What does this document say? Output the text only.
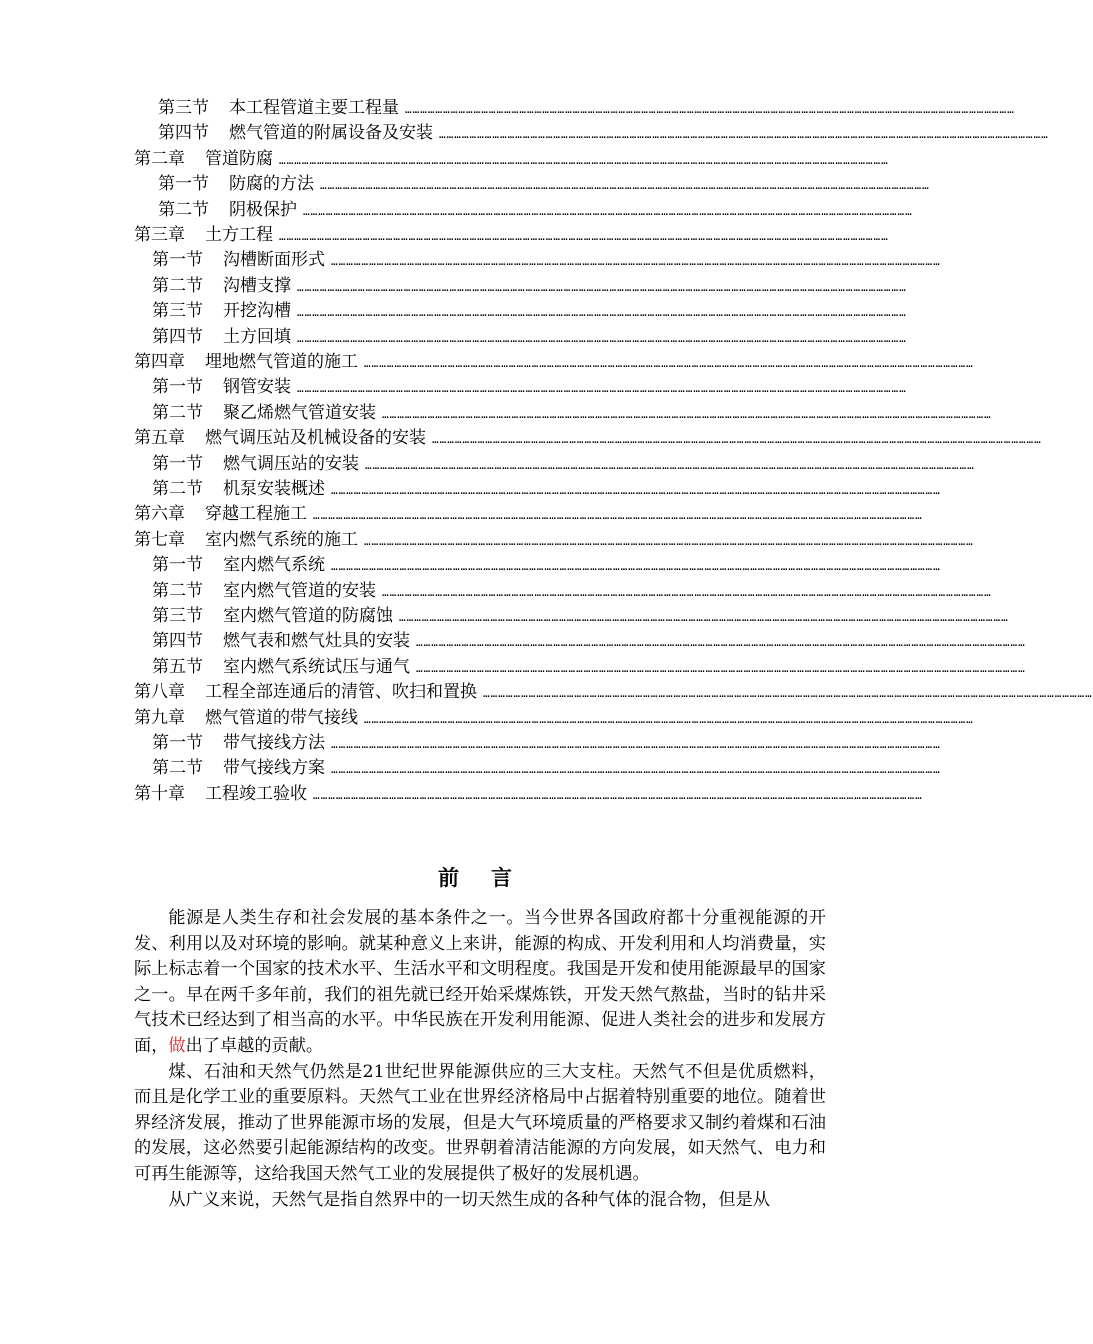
第三节 本工程管道主要工程量 ……………………………………………………………………………………………………………………………………………………………………………………………………………………
第四节 燃气管道的附属设备及安装 ……………………………………………………………………………………………………………………………………………………………………………………………………………………
第二章 管道防腐 ……………………………………………………………………………………………………………………………………………………………………………………………………………………
第一节 防腐的方法 ……………………………………………………………………………………………………………………………………………………………………………………………………………………
第二节 阴极保护 ……………………………………………………………………………………………………………………………………………………………………………………………………………………
第三章 土方工程 ……………………………………………………………………………………………………………………………………………………………………………………………………………………
第一节 沟槽断面形式 ……………………………………………………………………………………………………………………………………………………………………………………………………………………
第二节 沟槽支撑 ……………………………………………………………………………………………………………………………………………………………………………………………………………………
第三节 开挖沟槽 ……………………………………………………………………………………………………………………………………………………………………………………………………………………
第四节 土方回填 ……………………………………………………………………………………………………………………………………………………………………………………………………………………
第四章 埋地燃气管道的施工 ……………………………………………………………………………………………………………………………………………………………………………………………………………………
第一节 钢管安装 ……………………………………………………………………………………………………………………………………………………………………………………………………………………
第二节 聚乙烯燃气管道安装 ……………………………………………………………………………………………………………………………………………………………………………………………………………………
第五章 燃气调压站及机械设备的安装 ……………………………………………………………………………………………………………………………………………………………………………………………………………………
第一节 燃气调压站的安装 ……………………………………………………………………………………………………………………………………………………………………………………………………………………
第二节 机泵安装概述 ……………………………………………………………………………………………………………………………………………………………………………………………………………………
第六章 穿越工程施工 ……………………………………………………………………………………………………………………………………………………………………………………………………………………
第七章 室内燃气系统的施工 ……………………………………………………………………………………………………………………………………………………………………………………………………………………
第一节 室内燃气系统 ……………………………………………………………………………………………………………………………………………………………………………………………………………………
第二节 室内燃气管道的安装 ……………………………………………………………………………………………………………………………………………………………………………………………………………………
第三节 室内燃气管道的防腐蚀 ……………………………………………………………………………………………………………………………………………………………………………………………………………………
第四节 燃气表和燃气灶具的安装 ……………………………………………………………………………………………………………………………………………………………………………………………………………………
第五节 室内燃气系统试压与通气 ……………………………………………………………………………………………………………………………………………………………………………………………………………………
第八章 工程全部连通后的清管、吹扫和置换 ……………………………………………………………………………………………………………………………………………………………………………………………………………………
第九章 燃气管道的带气接线 ……………………………………………………………………………………………………………………………………………………………………………………………………………………
第一节 带气接线方法 ……………………………………………………………………………………………………………………………………………………………………………………………………………………
第二节 带气接线方案 ……………………………………………………………………………………………………………………………………………………………………………………………………………………
第十章 工程竣工验收 ……………………………………………………………………………………………………………………………………………………………………………………………………………………
前言

能源是人类生存和社会发展的基本条件之一。当今世界各国政府都十分重视能源的开发、利用以及对环境的影响。就某种意义上来讲，能源的构成、开发利用和人均消费量，实际上标志着一个国家的技术水平、生活水平和文明程度。我国是开发和使用能源最早的国家之一。早在两千多年前，我们的祖先就已经开始采煤炼铁，开发天然气熬盐，当时的钻井采气技术已经达到了相当高的水平。中华民族在开发利用能源、促进人类社会的进步和发展方面，做出了卓越的贡献。

煤、石油和天然气仍然是21世纪世界能源供应的三大支柱。天然气不但是优质燃料，而且是化学工业的重要原料。天然气工业在世界经济格局中占据着特别重要的地位。随着世界经济发展，推动了世界能源市场的发展，但是大气环境质量的严格要求又制约着煤和石油的发展，这必然要引起能源结构的改变。世界朝着清洁能源的方向发展，如天然气、电力和可再生能源等，这给我国天然气工业的发展提供了极好的发展机遇。

从广义来说，天然气是指自然界中的一切天然生成的各种气体的混合物，但是从
